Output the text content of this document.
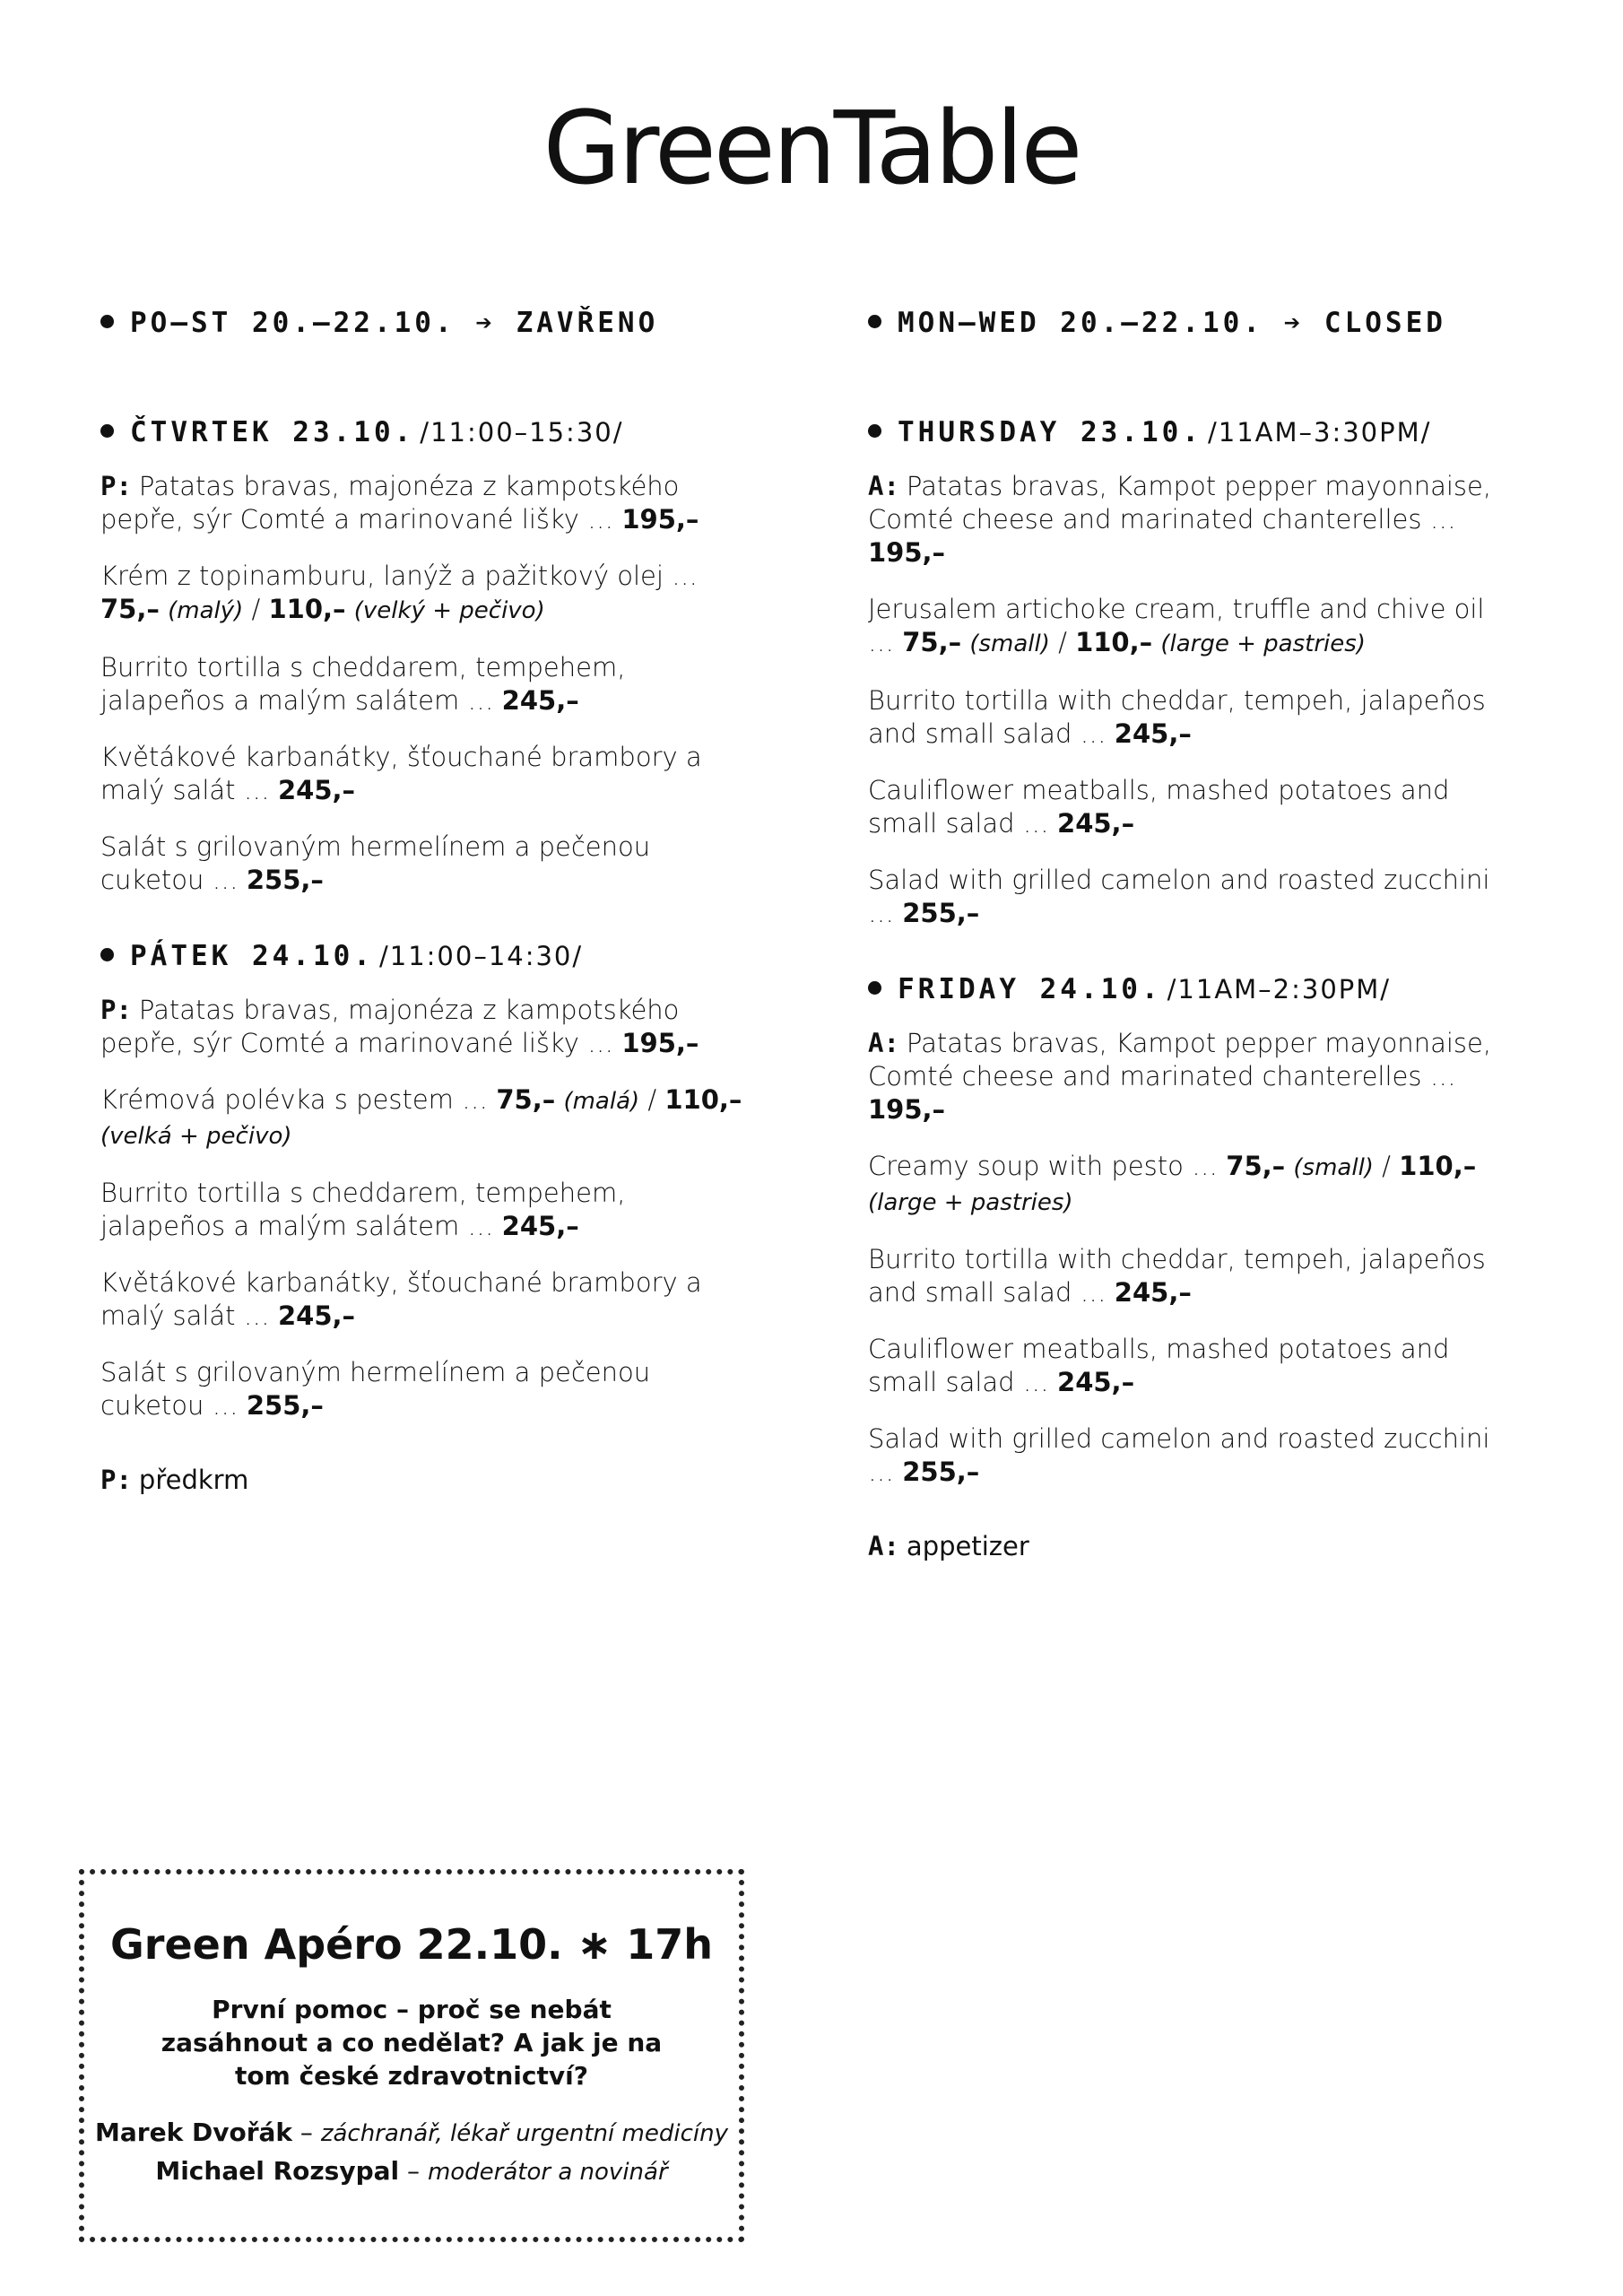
GreenTable
PO–ST 20.–22.10. ➔ ZAVŘENO
ČTVRTEK 23.10. /11:00–15:30/
P: Patatas bravas, majonéza z kampotského pepře, sýr Comté a marinované lišky … 195,–
Krém z topinamburu, lanýž a pažitkový olej … 75,– (malý) / 110,– (velký + pečivo)
Burrito tortilla s cheddarem, tempehem, jalapeños a malým salátem … 245,–
Květákové karbanátky, šťouchané brambory a malý salát … 245,–
Salát s grilovaným hermelínem a pečenou cuketou … 255,–
PÁTEK 24.10. /11:00–14:30/
P: Patatas bravas, majonéza z kampotského pepře, sýr Comté a marinované lišky … 195,–
Krémová polévka s pestem … 75,– (malá) / 110,– (velká + pečivo)
Burrito tortilla s cheddarem, tempehem, jalapeños a malým salátem … 245,–
Květákové karbanátky, šťouchané brambory a malý salát … 245,–
Salát s grilovaným hermelínem a pečenou cuketou … 255,–
P: předkrm
MON–WED 20.–22.10. ➔ CLOSED
THURSDAY 23.10. /11AM–3:30PM/
A: Patatas bravas, Kampot pepper mayonnaise, Comté cheese and marinated chanterelles … 195,–
Jerusalem artichoke cream, truffle and chive oil … 75,– (small) / 110,– (large + pastries)
Burrito tortilla with cheddar, tempeh, jalapeños and small salad … 245,–
Cauliflower meatballs, mashed potatoes and small salad … 245,–
Salad with grilled camelon and roasted zucchini … 255,–
FRIDAY 24.10. /11AM–2:30PM/
A: Patatas bravas, Kampot pepper mayonnaise, Comté cheese and marinated chanterelles … 195,–
Creamy soup with pesto … 75,– (small) / 110,– (large + pastries)
Burrito tortilla with cheddar, tempeh, jalapeños and small salad … 245,–
Cauliflower meatballs, mashed potatoes and small salad … 245,–
Salad with grilled camelon and roasted zucchini … 255,–
A: appetizer
Green Apéro 22.10. ∗ 17h
První pomoc – proč se nebát zasáhnout a co nedělat? A jak je na tom české zdravotnictví?
Marek Dvořák – záchranář, lékař urgentní medicíny
Michael Rozsypal – moderátor a novinář
